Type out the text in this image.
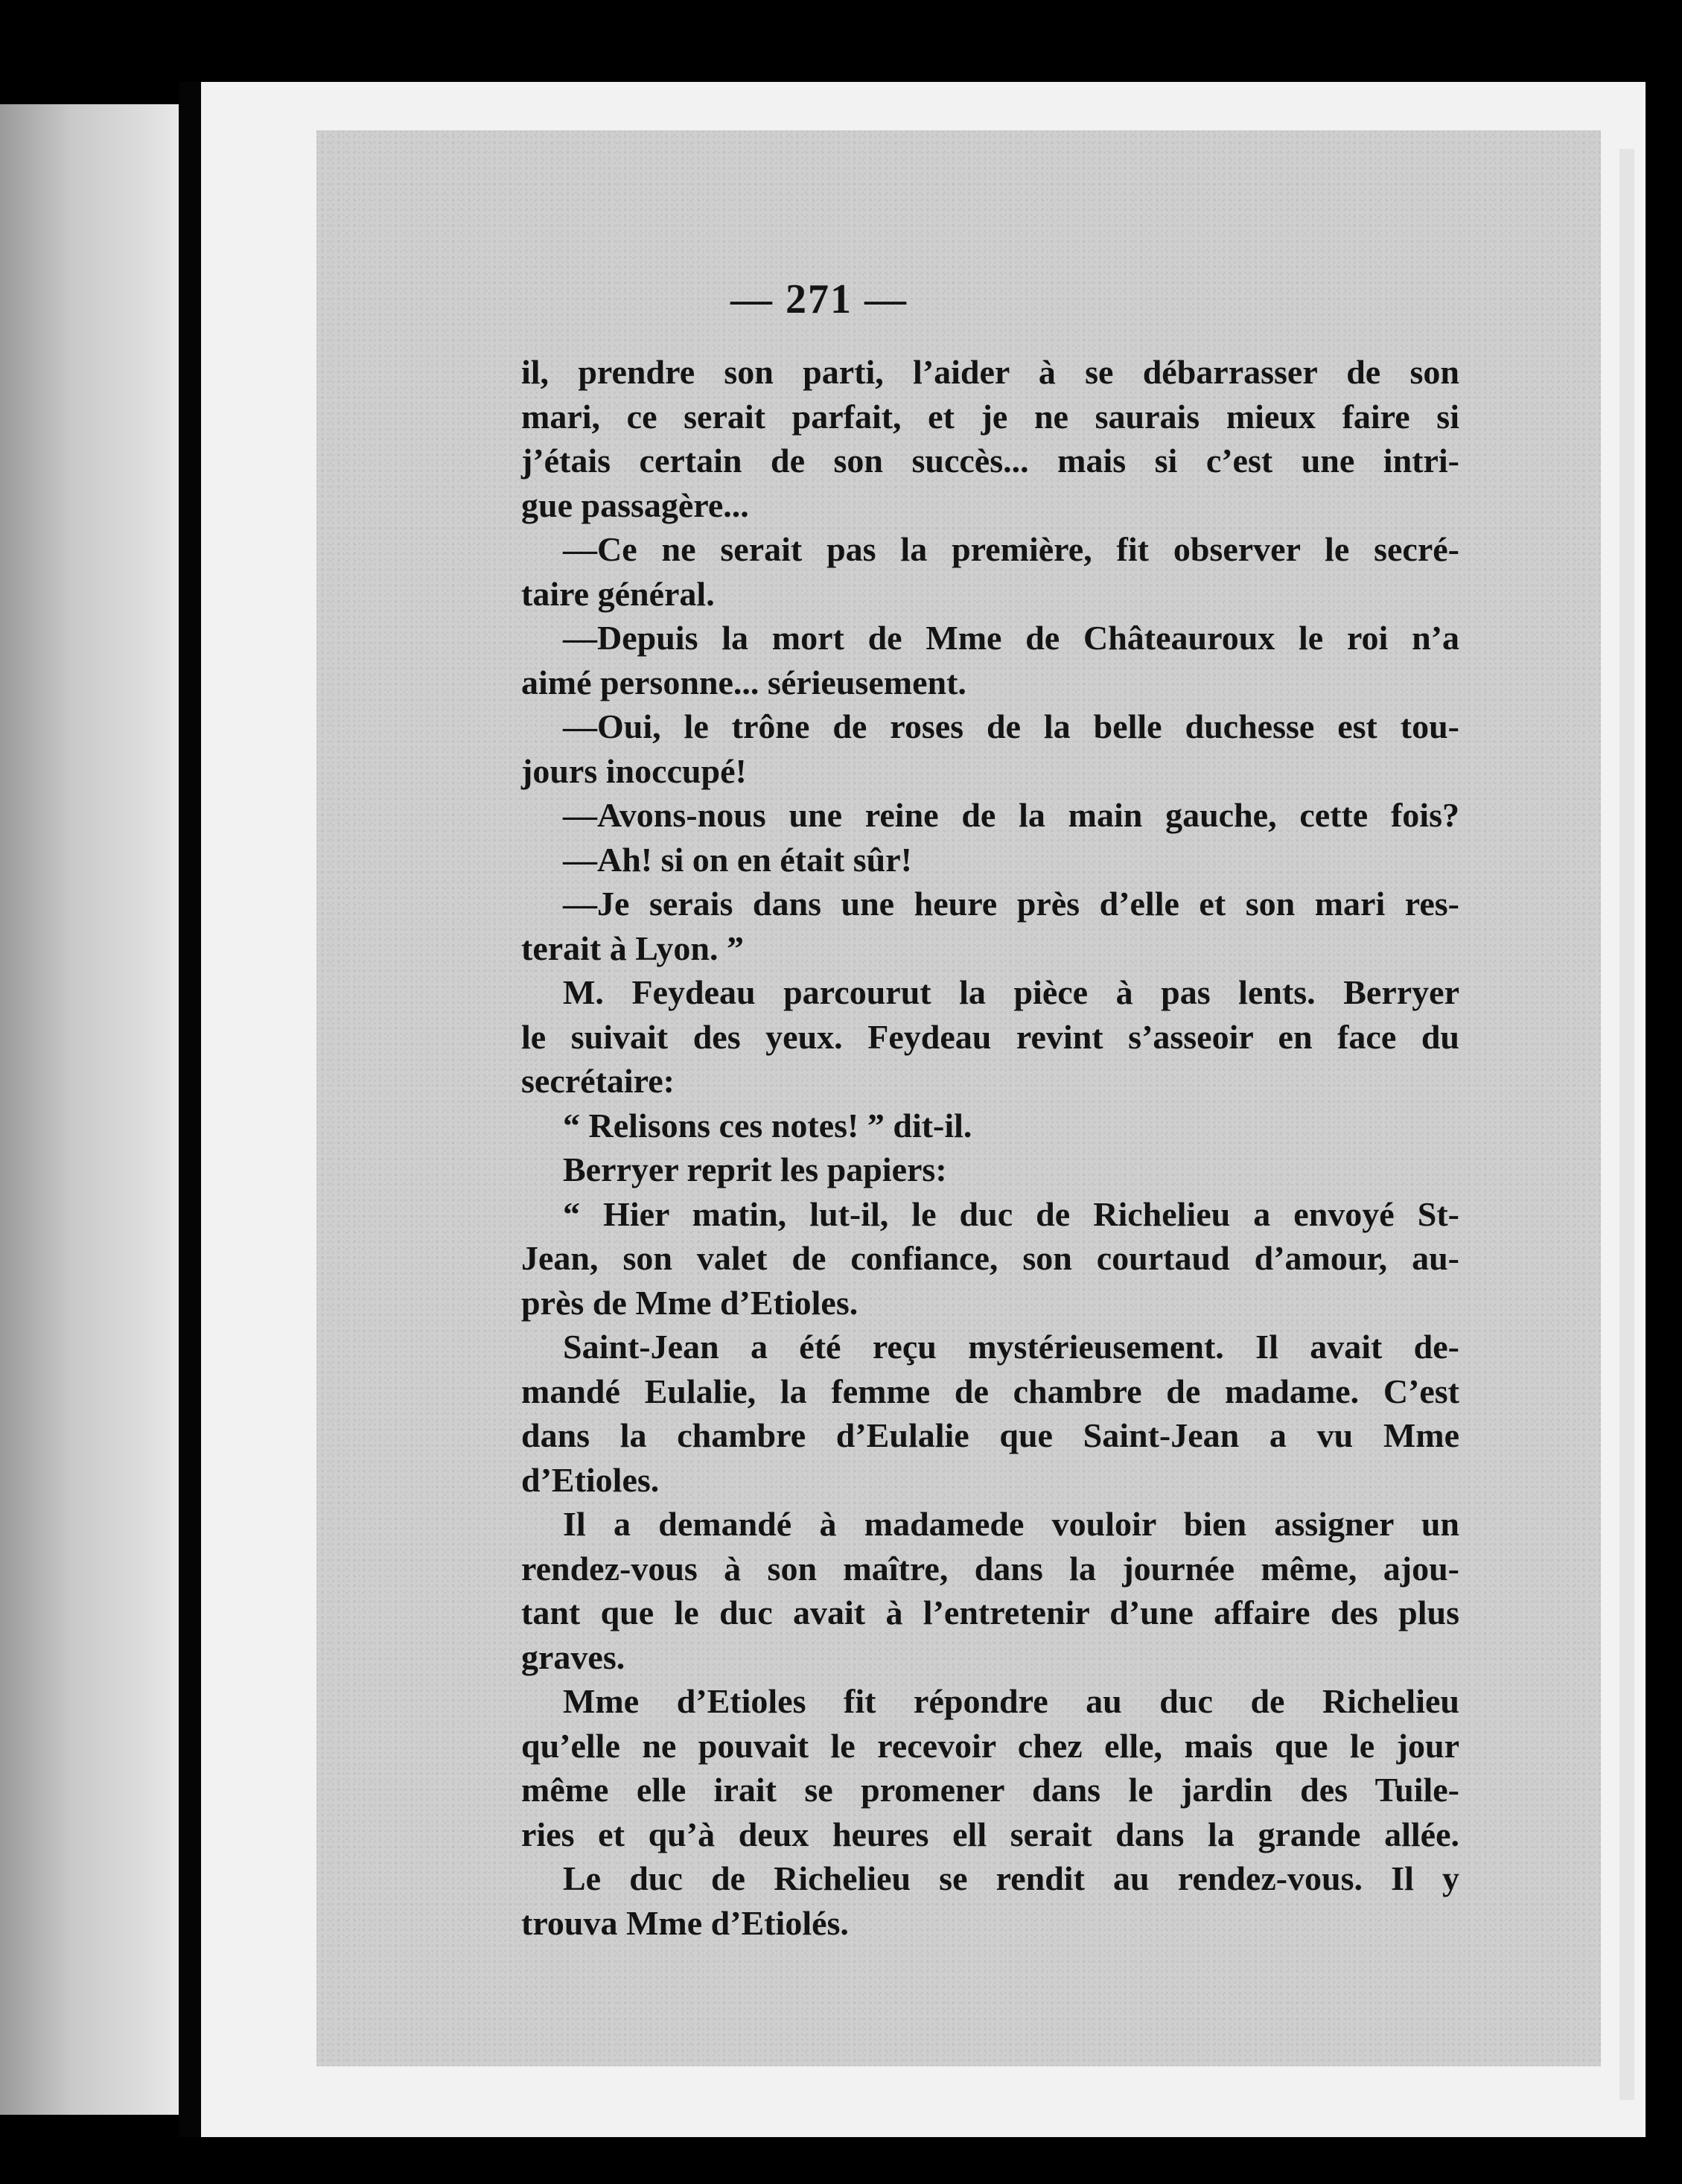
— 271 —
il, prendre son parti, l’aider à se débarrasser de son
mari, ce serait parfait, et je ne saurais mieux faire si
j’étais certain de son succès... mais si c’est une intri-
gue passagère...
—Ce ne serait pas la première, fit observer le secré-
taire général.
—Depuis la mort de Mme de Châteauroux le roi n’a
aimé personne... sérieusement.
—Oui, le trône de roses de la belle duchesse est tou-
jours inoccupé!
—Avons-nous une reine de la main gauche, cette fois?
—Ah! si on en était sûr!
—Je serais dans une heure près d’elle et son mari res-
terait à Lyon. ”
M. Feydeau parcourut la pièce à pas lents. Berryer
le suivait des yeux. Feydeau revint s’asseoir en face du
secrétaire:
“ Relisons ces notes! ” dit-il.
Berryer reprit les papiers:
“ Hier matin, lut-il, le duc de Richelieu a envoyé St-
Jean, son valet de confiance, son courtaud d’amour, au-
près de Mme d’Etioles.
Saint-Jean a été reçu mystérieusement. Il avait de-
mandé Eulalie, la femme de chambre de madame. C’est
dans la chambre d’Eulalie que Saint-Jean a vu Mme
d’Etioles.
Il a demandé à madamede vouloir bien assigner un
rendez-vous à son maître, dans la journée même, ajou-
tant que le duc avait à l’entretenir d’une affaire des plus
graves.
Mme d’Etioles fit répondre au duc de Richelieu
qu’elle ne pouvait le recevoir chez elle, mais que le jour
même elle irait se promener dans le jardin des Tuile-
ries et qu’à deux heures ell serait dans la grande allée.
Le duc de Richelieu se rendit au rendez-vous. Il y
trouva Mme d’Etiolés.
